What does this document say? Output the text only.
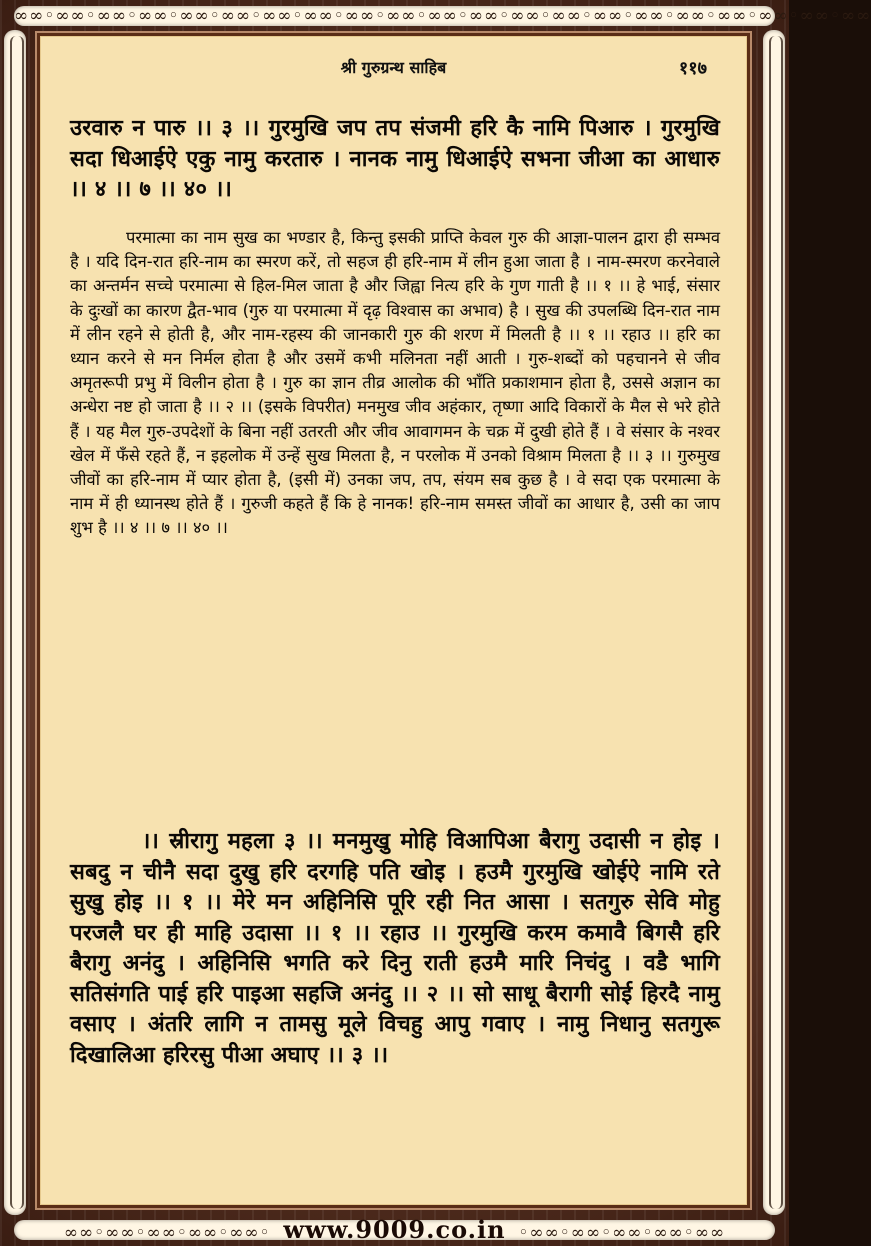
∞∞◦∞∞◦∞∞◦∞∞◦∞∞◦∞∞◦∞∞◦∞∞◦∞∞◦∞∞◦∞∞◦∞∞◦∞∞◦∞∞◦∞∞◦∞∞◦∞∞◦∞∞◦∞∞◦∞∞◦∞∞
∞∞◦∞∞◦∞∞◦∞∞◦∞∞◦  www.9009.co.in  ◦∞∞◦∞∞◦∞∞◦∞∞◦∞∞
श्री गुरुग्रन्थ साहिब	११७

उरवारु न पारु ।। ३ ।। गुरमुखि जप तप संजमी हरि कै नामि पिआरु । गुरमुखि सदा धिआईऐ एकु नामु करतारु । नानक नामु धिआईऐ सभना जीआ का आधारु ।। ४ ।। ७ ।। ४० ।।

परमात्मा का नाम सुख का भण्डार है, किन्तु इसकी प्राप्ति केवल गुरु की आज्ञा-पालन द्वारा ही सम्भव है । यदि दिन-रात हरि-नाम का स्मरण करें, तो सहज ही हरि-नाम में लीन हुआ जाता है । नाम-स्मरण करनेवाले का अन्तर्मन सच्चे परमात्मा से हिल-मिल जाता है और जिह्वा नित्य हरि के गुण गाती है ।। १ ।। हे भाई, संसार के दुःखों का कारण द्वैत-भाव (गुरु या परमात्मा में दृढ़ विश्वास का अभाव) है । सुख की उपलब्धि दिन-रात नाम में लीन रहने से होती है, और नाम-रहस्य की जानकारी गुरु की शरण में मिलती है ।। १ ।। रहाउ ।। हरि का ध्यान करने से मन निर्मल होता है और उसमें कभी मलिनता नहीं आती । गुरु-शब्दों को पहचानने से जीव अमृतरूपी प्रभु में विलीन होता है । गुरु का ज्ञान तीव्र आलोक की भाँति प्रकाशमान होता है, उससे अज्ञान का अन्धेरा नष्ट हो जाता है ।। २ ।। (इसके विपरीत) मनमुख जीव अहंकार, तृष्णा आदि विकारों के मैल से भरे होते हैं । यह मैल गुरु-उपदेशों के बिना नहीं उतरती और जीव आवागमन के चक्र में दुखी होते हैं । वे संसार के नश्वर खेल में फँसे रहते हैं, न इहलोक में उन्हें सुख मिलता है, न परलोक में उनको विश्राम मिलता है ।। ३ ।। गुरुमुख जीवों का हरि-नाम में प्यार होता है, (इसी में) उनका जप, तप, संयम सब कुछ है । वे सदा एक परमात्मा के नाम में ही ध्यानस्थ होते हैं । गुरुजी कहते हैं कि हे नानक! हरि-नाम समस्त जीवों का आधार है, उसी का जाप शुभ है ।। ४ ।। ७ ।। ४० ।।

।। स्रीरागु महला ३ ।। मनमुखु मोहि विआपिआ बैरागु उदासी न होइ । सबदु न चीनै सदा दुखु हरि दरगहि पति खोइ । हउमै गुरमुखि खोईऐ नामि रते सुखु होइ ।। १ ।। मेरे मन अहिनिसि पूरि रही नित आसा । सतगुरु सेवि मोहु परजलै घर ही माहि उदासा ।। १ ।। रहाउ ।। गुरमुखि करम कमावै बिगसै हरि बैरागु अनंदु । अहिनिसि भगति करे दिनु राती हउमै मारि निचंदु । वडै भागि सतिसंगति पाई हरि पाइआ सहजि अनंदु ।। २ ।। सो साधू बैरागी सोई हिरदै नामु वसाए । अंतरि लागि न तामसु मूले विचहु आपु गवाए । नामु निधानु सतगुरू दिखालिआ हरिरसु पीआ अघाए ।। ३ ।।
